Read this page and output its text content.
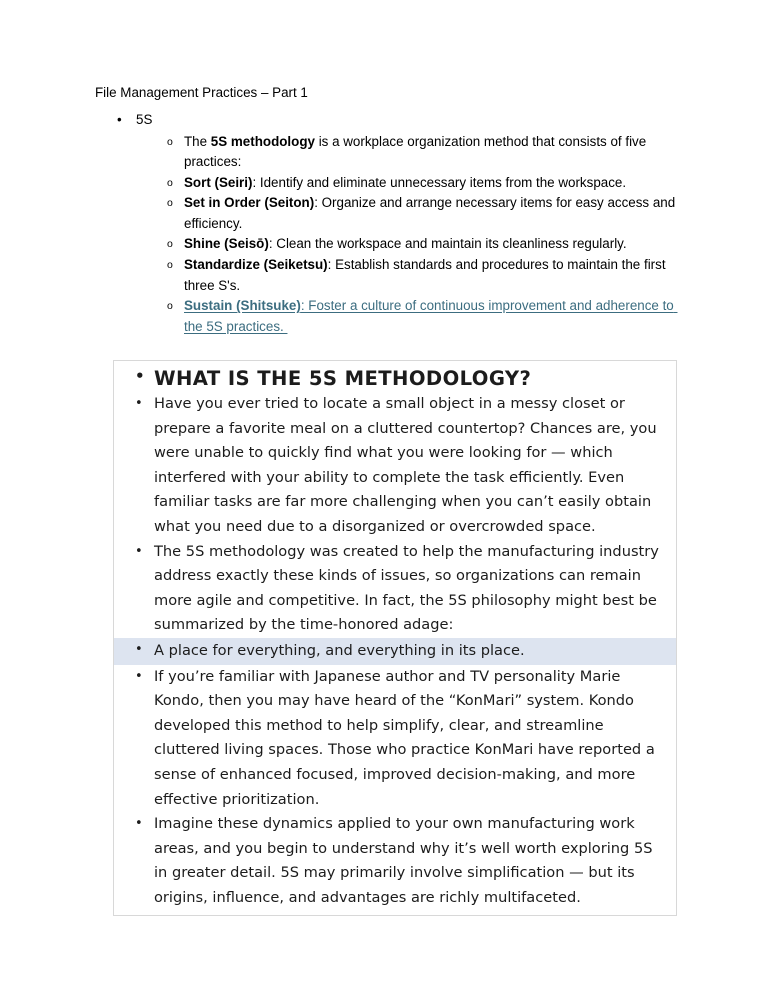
File Management Practices – Part 1
• 5S
o The 5S methodology is a workplace organization method that consists of five practices:
o Sort (Seiri): Identify and eliminate unnecessary items from the workspace.
o Set in Order (Seiton): Organize and arrange necessary items for easy access and efficiency.
o Shine (Seisō): Clean the workspace and maintain its cleanliness regularly.
o Standardize (Seiketsu): Establish standards and procedures to maintain the first three S's.
o Sustain (Shitsuke): Foster a culture of continuous improvement and adherence to the 5S practices.
• WHAT IS THE 5S METHODOLOGY?
• Have you ever tried to locate a small object in a messy closet or prepare a favorite meal on a cluttered countertop? Chances are, you were unable to quickly find what you were looking for — which interfered with your ability to complete the task efficiently. Even familiar tasks are far more challenging when you can’t easily obtain what you need due to a disorganized or overcrowded space.
• The 5S methodology was created to help the manufacturing industry address exactly these kinds of issues, so organizations can remain more agile and competitive. In fact, the 5S philosophy might best be summarized by the time-honored adage:
• A place for everything, and everything in its place.
• If you’re familiar with Japanese author and TV personality Marie Kondo, then you may have heard of the “KonMari” system. Kondo developed this method to help simplify, clear, and streamline cluttered living spaces. Those who practice KonMari have reported a sense of enhanced focused, improved decision-making, and more effective prioritization.
• Imagine these dynamics applied to your own manufacturing work areas, and you begin to understand why it’s well worth exploring 5S in greater detail. 5S may primarily involve simplification — but its origins, influence, and advantages are richly multifaceted.
